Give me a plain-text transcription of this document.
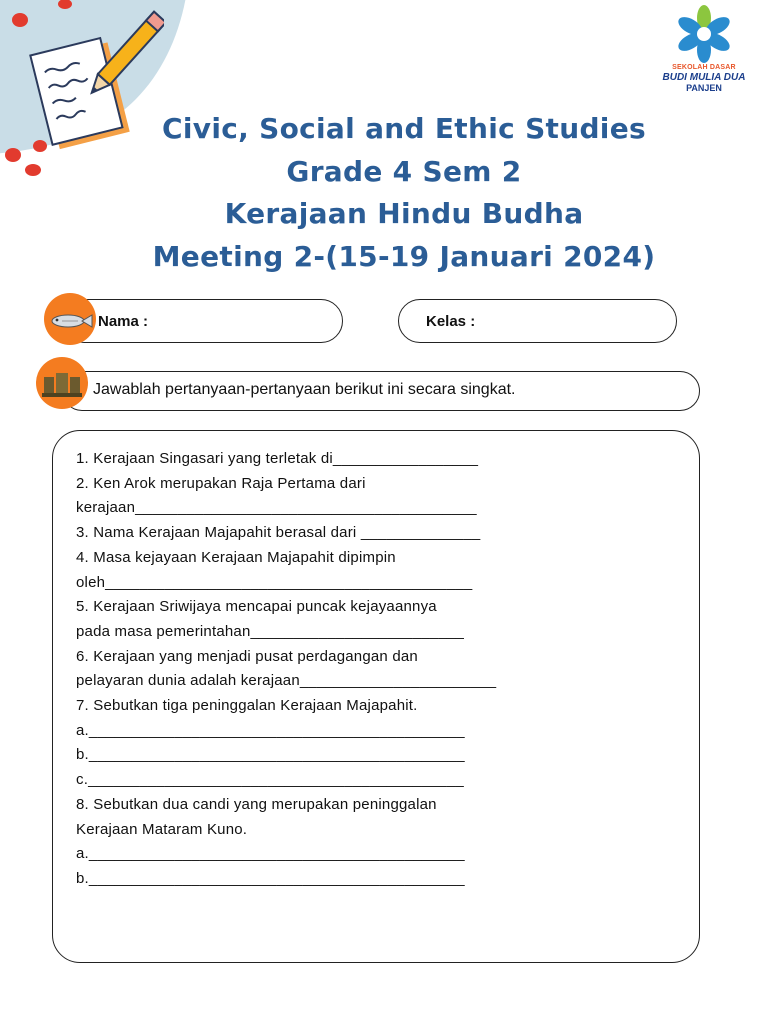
SEKOLAH DASAR
BUDI MULIA DUA
PANJEN
Civic, Social and Ethic Studies
Grade 4 Sem 2
Kerajaan Hindu Budha
Meeting 2-(15-19 Januari 2024)
Nama :	Kelas :
Jawablah pertanyaan-pertanyaan berikut ini secara singkat.
1. Kerajaan Singasari yang terletak di_________________
2. Ken Arok merupakan Raja Pertama dari
kerajaan________________________________________
3. Nama Kerajaan Majapahit berasal dari ______________
4. Masa kejayaan Kerajaan Majapahit dipimpin
oleh___________________________________________
5. Kerajaan Sriwijaya mencapai puncak kejayaannya
pada masa pemerintahan_________________________
6. Kerajaan yang menjadi pusat perdagangan dan
pelayaran dunia adalah kerajaan_______________________
7. Sebutkan tiga peninggalan Kerajaan Majapahit.
a.____________________________________________
b.____________________________________________
c.____________________________________________
8. Sebutkan dua candi yang merupakan peninggalan
Kerajaan Mataram Kuno.
a.____________________________________________
b.____________________________________________
